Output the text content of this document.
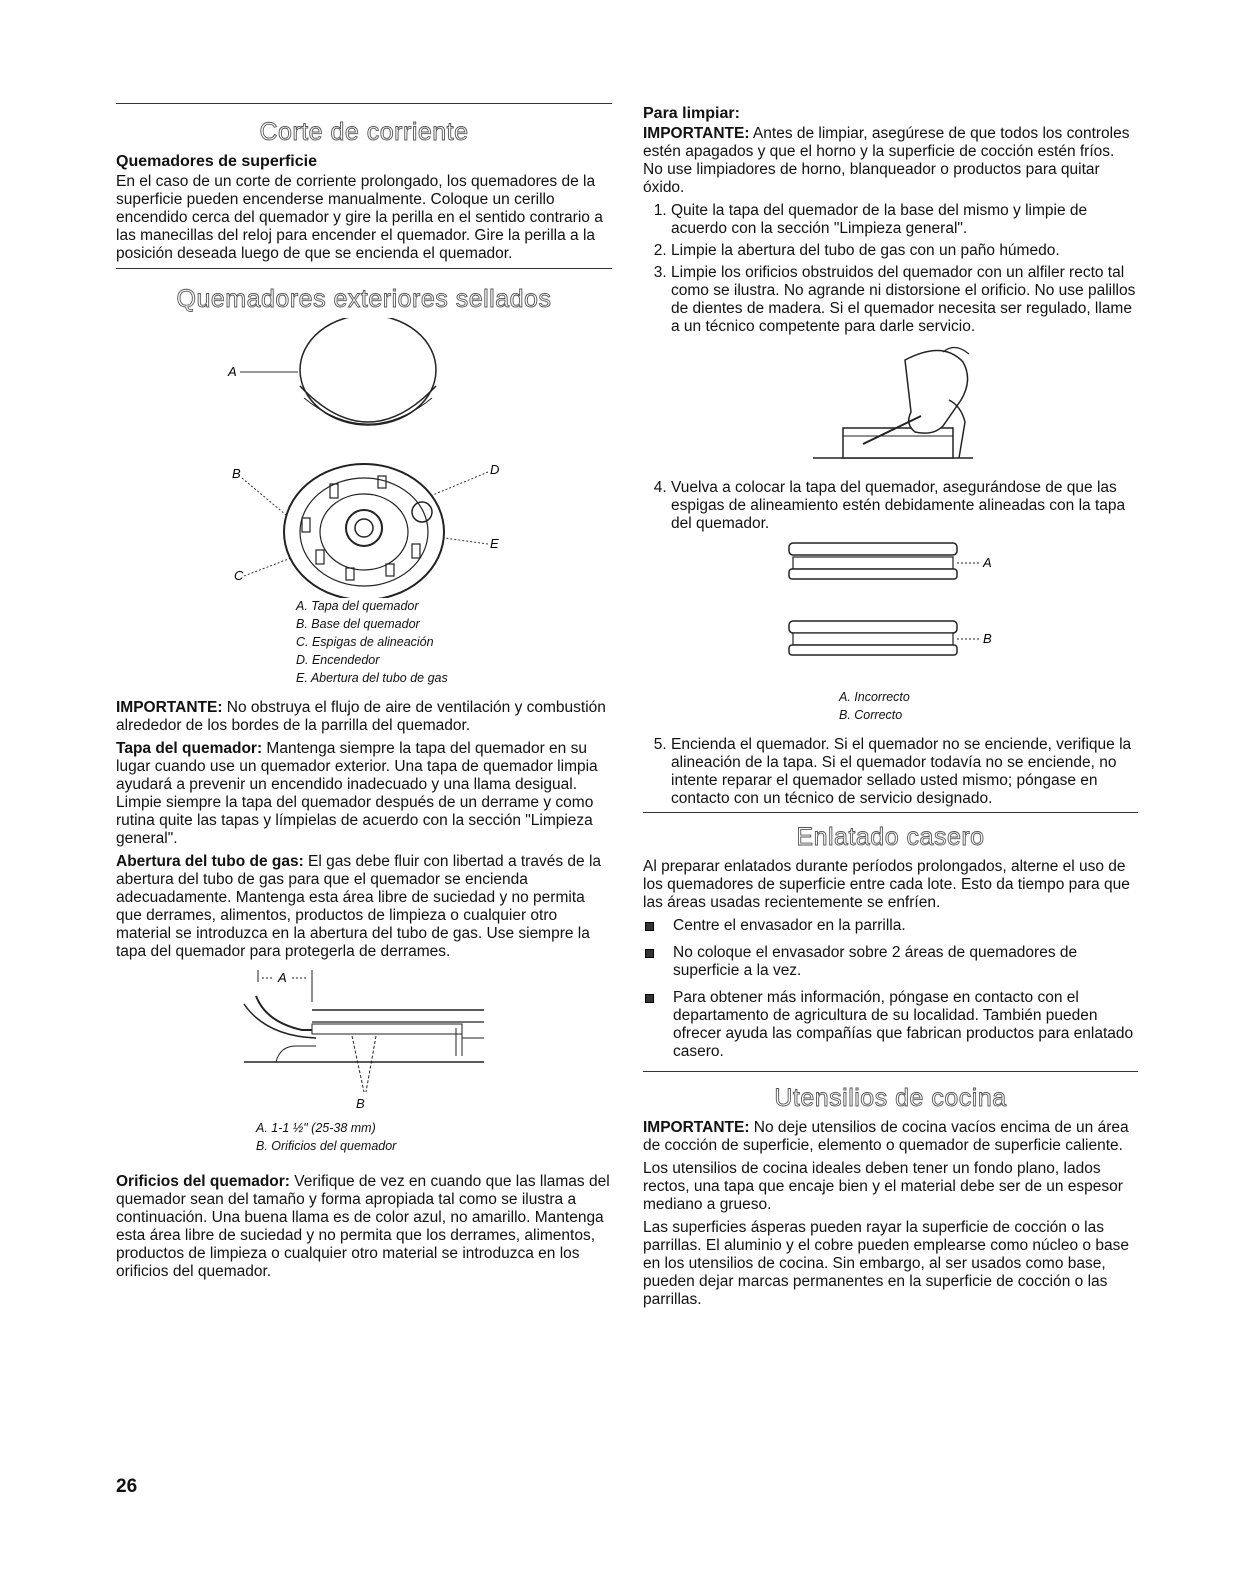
Corte de corriente
Quemadores de superficie

En el caso de un corte de corriente prolongado, los quemadores de la superficie pueden encenderse manualmente. Coloque un cerillo encendido cerca del quemador y gire la perilla en el sentido contrario a las manecillas del reloj para encender el quemador. Gire la perilla a la posición deseada luego de que se encienda el quemador.

Quemadores exteriores sellados
A
B	D
E
C
A. Tapa del quemador
B. Base del quemador
C. Espigas de alineación
D. Encendedor
E. Abertura del tubo de gas

IMPORTANTE: No obstruya el flujo de aire de ventilación y combustión alrededor de los bordes de la parrilla del quemador.

Tapa del quemador: Mantenga siempre la tapa del quemador en su lugar cuando use un quemador exterior. Una tapa de quemador limpia ayudará a prevenir un encendido inadecuado y una llama desigual. Limpie siempre la tapa del quemador después de un derrame y como rutina quite las tapas y límpielas de acuerdo con la sección "Limpieza general".

Abertura del tubo de gas: El gas debe fluir con libertad a través de la abertura del tubo de gas para que el quemador se encienda adecuadamente. Mantenga esta área libre de suciedad y no permita que derrames, alimentos, productos de limpieza o cualquier otro material se introduzca en la abertura del tubo de gas. Use siempre la tapa del quemador para protegerla de derrames.

A
B
A. 1-1 ½" (25-38 mm)
B. Orificios del quemador

Orificios del quemador: Verifique de vez en cuando que las llamas del quemador sean del tamaño y forma apropiada tal como se ilustra a continuación. Una buena llama es de color azul, no amarillo. Mantenga esta área libre de suciedad y no permita que los derrames, alimentos, productos de limpieza o cualquier otro material se introduzca en los orificios del quemador.

Para limpiar:

IMPORTANTE: Antes de limpiar, asegúrese de que todos los controles estén apagados y que el horno y la superficie de cocción estén fríos. No use limpiadores de horno, blanqueador o productos para quitar óxido.

1. Quite la tapa del quemador de la base del mismo y limpie de acuerdo con la sección "Limpieza general".
2. Limpie la abertura del tubo de gas con un paño húmedo.
3. Limpie los orificios obstruidos del quemador con un alfiler recto tal como se ilustra. No agrande ni distorsione el orificio. No use palillos de dientes de madera. Si el quemador necesita ser regulado, llame a un técnico competente para darle servicio.
4. Vuelva a colocar la tapa del quemador, asegurándose de que las espigas de alineamiento estén debidamente alineadas con la tapa del quemador.
A
B
A. Incorrecto
B. Correcto
5. Encienda el quemador. Si el quemador no se enciende, verifique la alineación de la tapa. Si el quemador todavía no se enciende, no intente reparar el quemador sellado usted mismo; póngase en contacto con un técnico de servicio designado.
Enlatado casero

Al preparar enlatados durante períodos prolongados, alterne el uso de los quemadores de superficie entre cada lote. Esto da tiempo para que las áreas usadas recientemente se enfríen.

Centre el envasador en la parrilla.
No coloque el envasador sobre 2 áreas de quemadores de superficie a la vez.
Para obtener más información, póngase en contacto con el departamento de agricultura de su localidad. También pueden ofrecer ayuda las compañías que fabrican productos para enlatado casero.
Utensilios de cocina

IMPORTANTE: No deje utensilios de cocina vacíos encima de un área de cocción de superficie, elemento o quemador de superficie caliente.

Los utensilios de cocina ideales deben tener un fondo plano, lados rectos, una tapa que encaje bien y el material debe ser de un espesor mediano a grueso.

Las superficies ásperas pueden rayar la superficie de cocción o las parrillas. El aluminio y el cobre pueden emplearse como núcleo o base en los utensilios de cocina. Sin embargo, al ser usados como base, pueden dejar marcas permanentes en la superficie de cocción o las parrillas.

26
